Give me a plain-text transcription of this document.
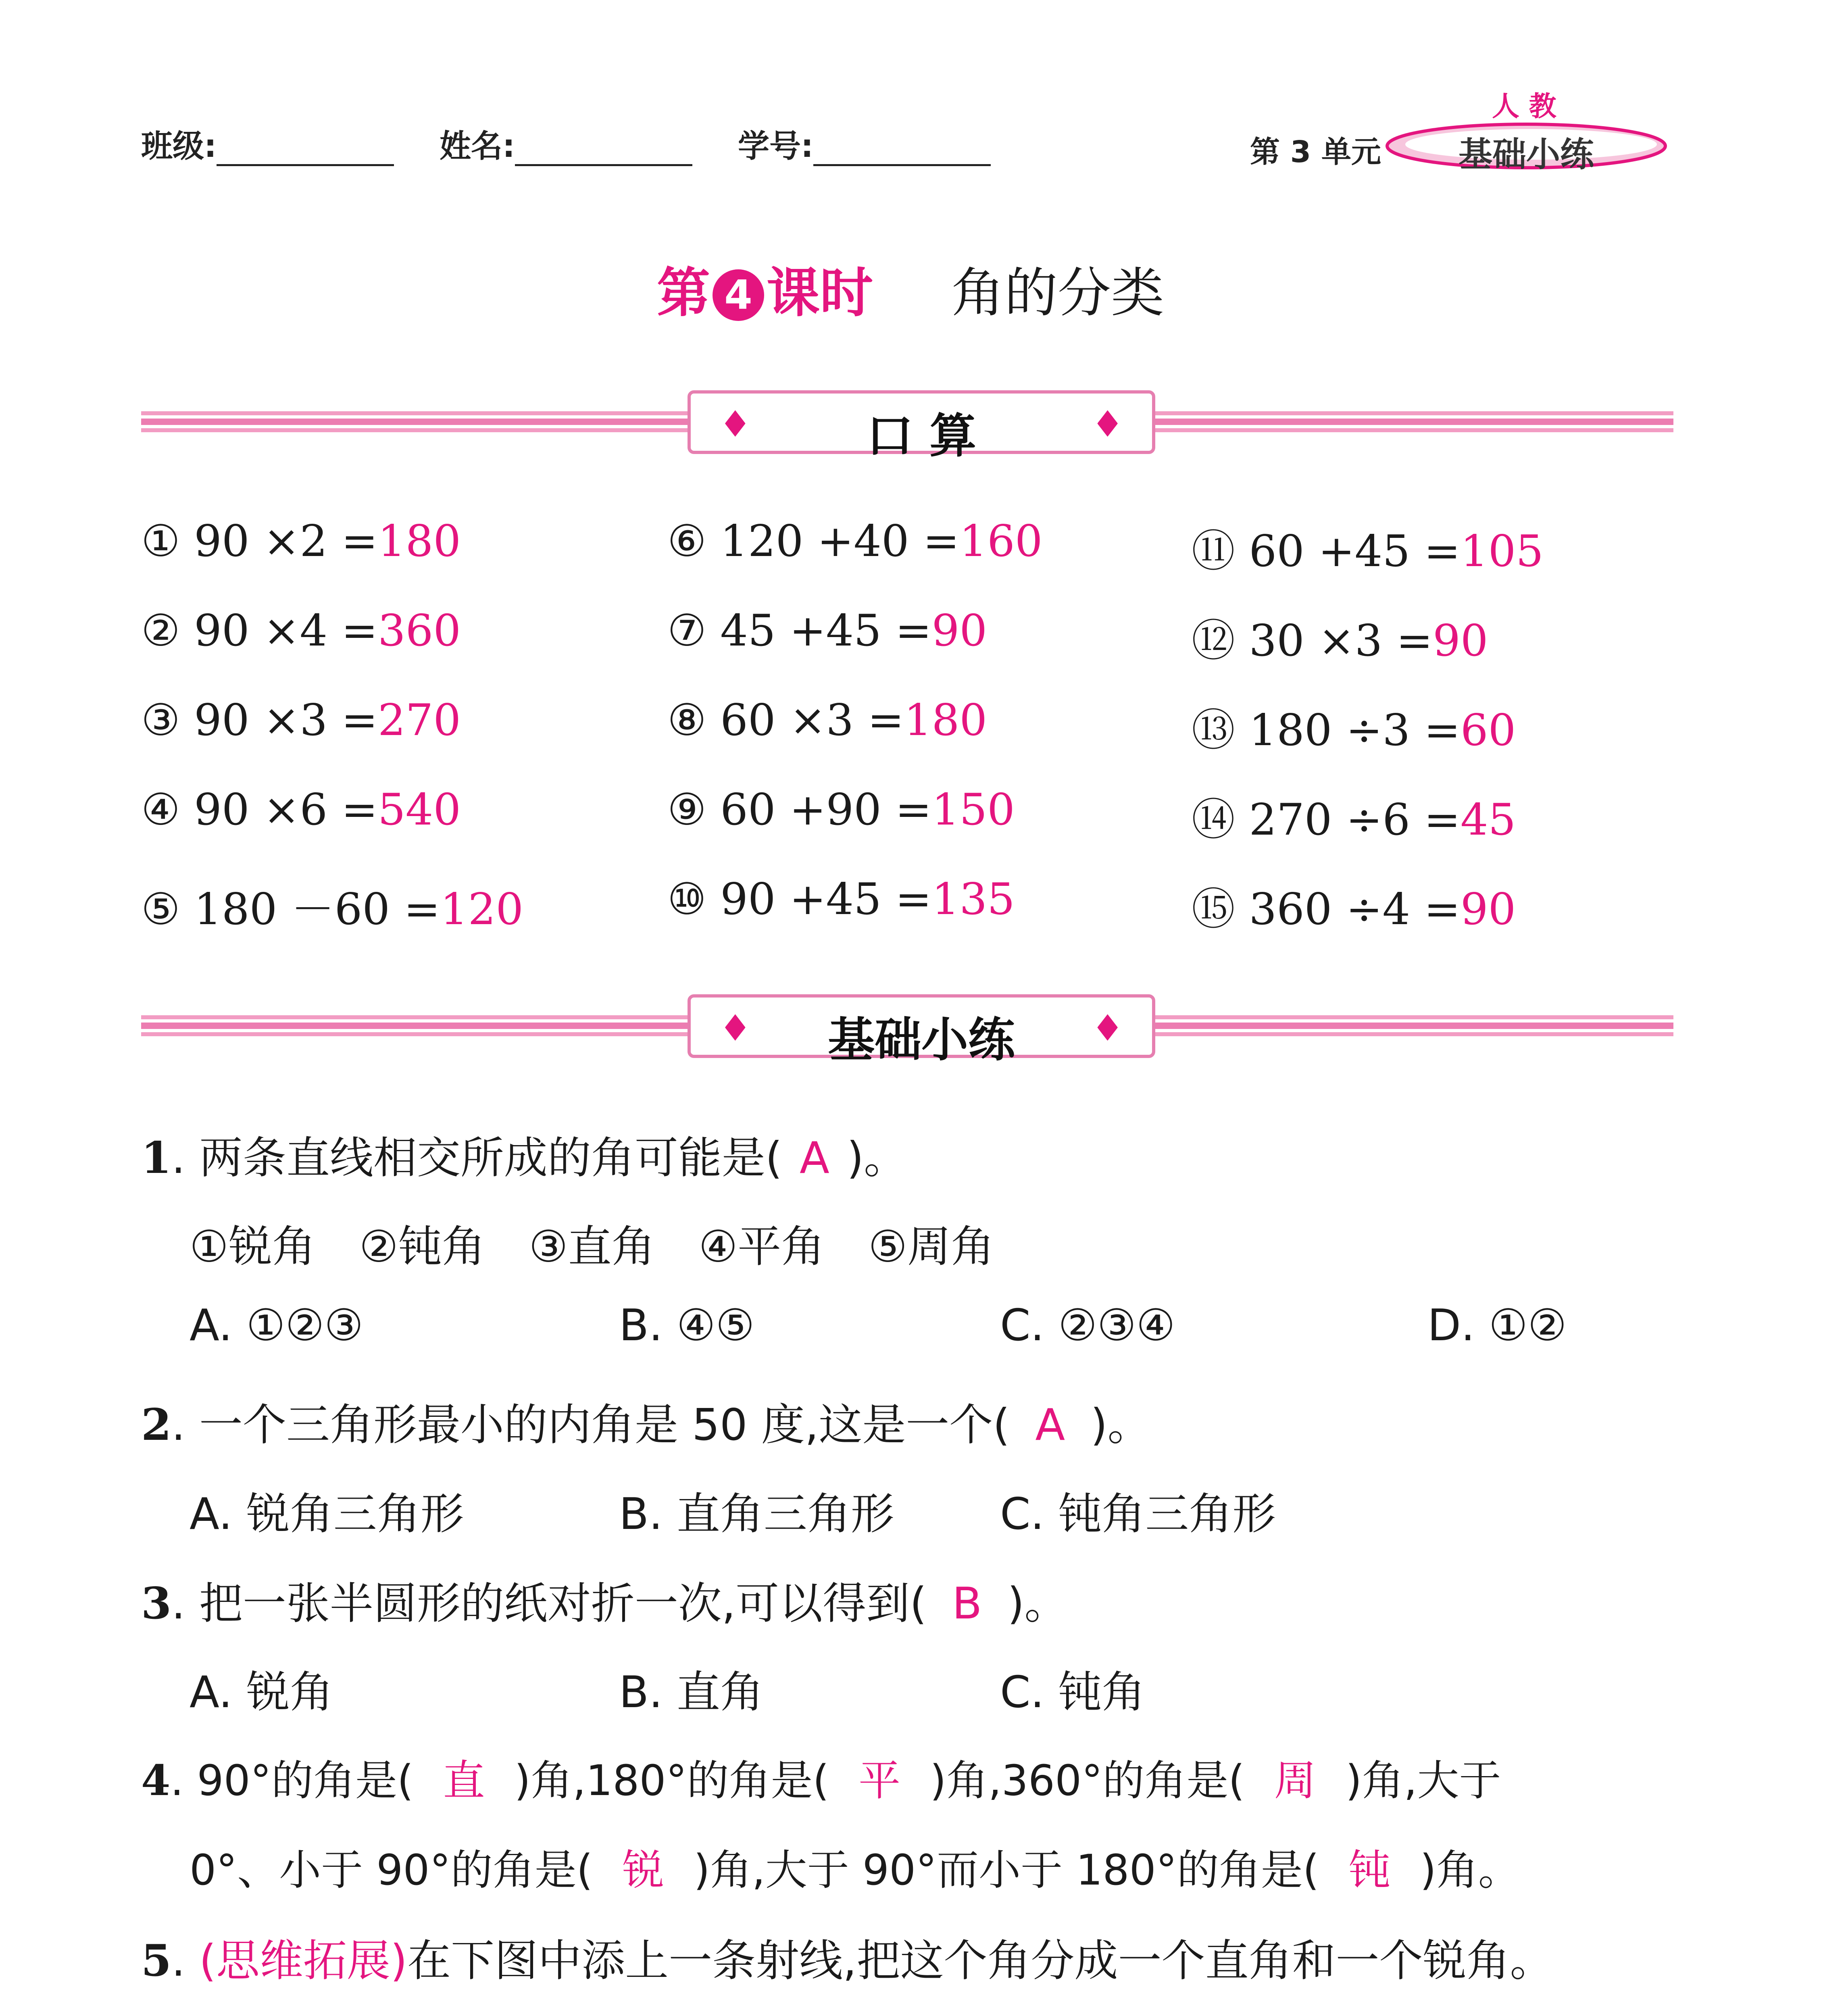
班级:	姓名:	学号:	第 3 单元	基础小练
人 教
第 4 课时 角的分类
♦	口 算	♦
① 90 ×2 =180
② 90 ×4 =360
③ 90 ×3 =270
④ 90 ×6 =540
⑤ 180 －60 =120
⑥ 120 +40 =160
⑦ 45 +45 =90
⑧ 60 ×3 =180
⑨ 60 +90 =150
⑩ 90 +45 =135
⑪ 60 +45 =105
⑫ 30 ×3 =90
⑬ 180 ÷3 =60
⑭ 270 ÷6 =45
⑮ 360 ÷4 =90
♦	基础小练	♦
1. 两条直线相交所成的角可能是( A )。
①锐角　②钝角　③直角　④平角　⑤周角
A. ①②③	B. ④⑤	C. ②③④	D. ①②
2. 一个三角形最小的内角是 50 度,这是一个( A )。
A. 锐角三角形	B. 直角三角形 C. 钝角三角形
3. 把一张半圆形的纸对折一次,可以得到( B )。
A. 锐角	B. 直角	C. 钝角
4. 90°的角是( 直 )角,180°的角是( 平 )角,360°的角是( 周 )角,大于
0°、小于 90°的角是( 锐 )角,大于 90°而小于 180°的角是( 钝 )角。
5. (思维拓展)在下图中添上一条射线,把这个角分成一个直角和一个锐角。
